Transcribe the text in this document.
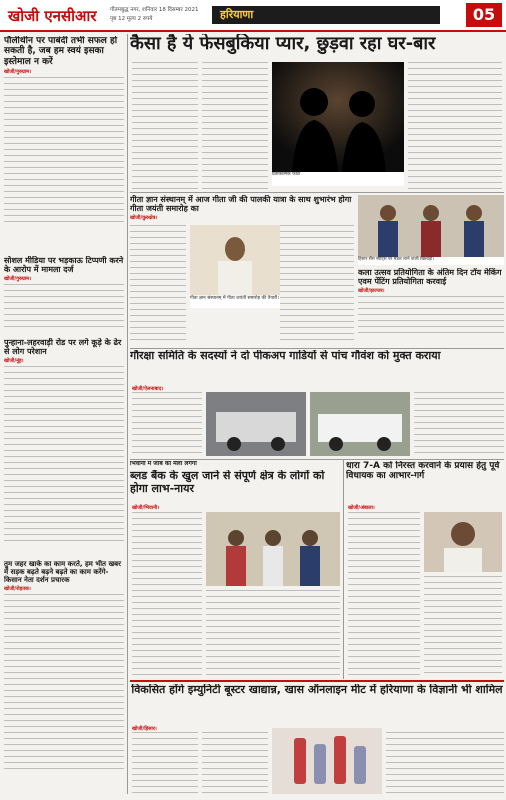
खोजी एनसीआर गौतमबुद्ध नगर, शनिवार 18 दिसम्बर 2021
पृष्ठ 12 मूल्य 2 रुपये	हरियाणा	05
कैसा है ये फेसबुकिया प्यार, छुड़वा रहा घर-बार
प्रतीकात्मक फोटो
पौलीथीन पर पाबंदी तभी सफल हो सकती है, जब हम स्वयं इसका इस्तेमाल न करें
खोजी/गुरुग्राम।
सोशल मीडिया पर भड़काऊ टिप्पणी करने के आरोप में मामला दर्ज
खोजी/गुरुग्राम।
पुन्हाना-लहरवाड़ी रोड पर लगे कूड़े के ढेर से लोग परेशान
खोजी/नूंह।
तुम जहर खाके का काम करते, हम भीत खबर में सड़क बढ़ते बढ़ने बढ़ते का काम करेंगे- किसान नेता दर्शन प्रचारक
खोजी/रोहतक।
गीता ज्ञान संस्थानम् में आज गीता जी की पालकी यात्रा के साथ शुभारंभ होगा गीता जयंती समारोह का
खोजी/कुरुक्षेत्र।
गीता ज्ञान संस्थानम् में गीता जयंती समारोह की तैयारी।
हिसार सैंस स्पोर्ट्स पर मेडल लाने वाली खिलाड़ी।
कला उत्सव प्रतियोगिता के अंतिम दिन टॉय मेकिंग एवम पेंटिंग प्रतियोगिता करवाई
खोजी/झज्जर।
गौरक्षा समिति के सदस्यों ने दो पीकअप गाडियों से पांच गौवंश को मुक्त कराया
खोजी/ऐलनाबाद।
भिवानी में जॉब का मेला लगेगा
ब्लड बैंक के खुल जाने से संपूर्ण क्षेत्र के लोगों को होगा लाभ-नायर
खोजी/भिवानी।
धारा 7-A को निरस्त करवाने के प्रयास हेतु पूर्व विधायक का आभार-गर्ग
खोजी/अंबाला।
विकसित होंगे इम्युनिटी बूस्टर खाद्यान्न, खास ऑनलाइन मीट में हरियाणा के विज्ञानी भी शामिल
खोजी/हिसार।
